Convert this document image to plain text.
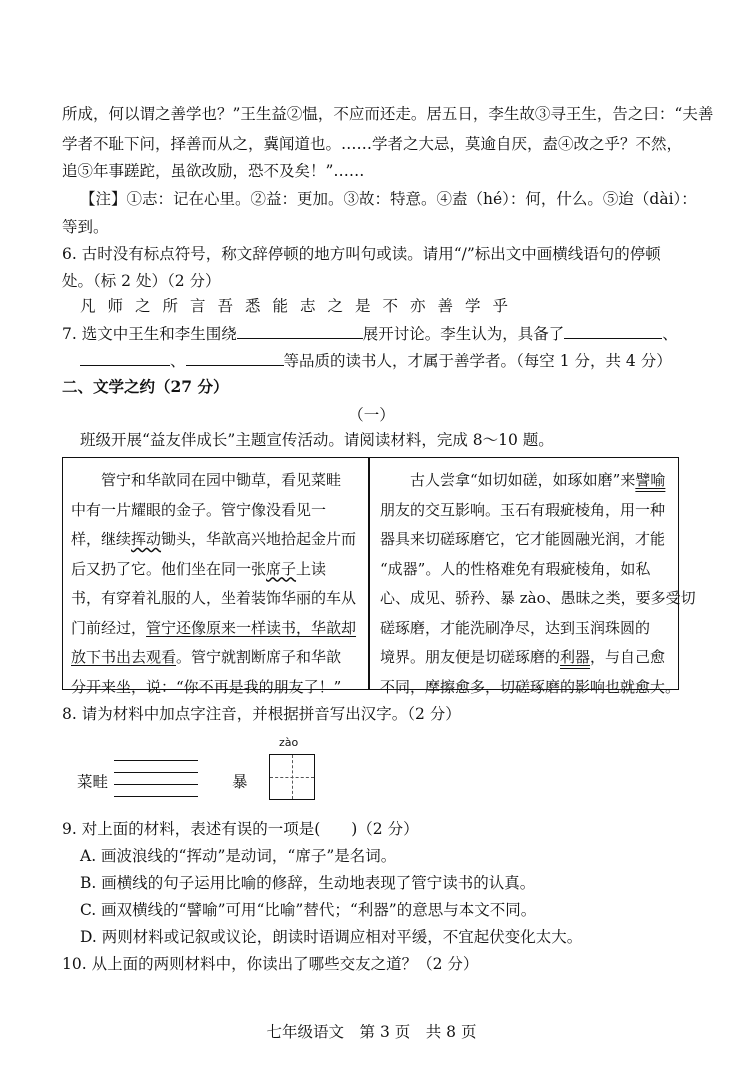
所成，何以谓之善学也？”王生益②愠，不应而还走。居五日，李生故③寻王生，告之曰：“夫善
学者不耻下问，择善而从之，冀闻道也。……学者之大忌，莫逾自厌，盍④改之乎？不然，
追⑤年事蹉跎，虽欲改励，恐不及矣！”……
【注】①志：记在心里。②益：更加。③故：特意。④盍（hé）：何，什么。⑤迨（dài）：
等到。
6. 古时没有标点符号，称文辞停顿的地方叫句或读。请用“/”标出文中画横线语句的停顿
处。（标 2 处）（2 分）
凡师之所言吾悉能志之是不亦善学乎
7. 选文中王生和李生围绕	展开讨论。李生认为，具备了	、
、	等品质的读书人，才属于善学者。（每空 1 分，共 4 分）
二、文学之约（27 分）
（一）
班级开展“益友伴成长”主题宣传活动。请阅读材料，完成 8～10 题。

　　管宁和华歆同在园中锄草，看见菜畦

中有一片耀眼的金子。管宁像没看见一

样，继续挥动锄头，华歆高兴地拾起金片而

后又扔了它。他们坐在同一张席子上读

书，有穿着礼服的人，坐着装饰华丽的车从

门前经过，管宁还像原来一样读书，华歆却

放下书出去观看。管宁就割断席子和华歆

分开来坐，说：“你不再是我的朋友了！”

　　古人尝拿“如切如磋，如琢如磨”来譬喻

朋友的交互影响。玉石有瑕疵棱角，用一种

器具来切磋琢磨它，它才能圆融光润，才能

“成器”。人的性格难免有瑕疵棱角，如私

心、成见、骄矜、暴 zào、愚昧之类，要多受切

磋琢磨，才能洗刷净尽，达到玉润珠圆的

境界。朋友便是切磋琢磨的利器，与自己愈

不同，摩擦愈多，切磋琢磨的影响也就愈大。

8. 请为材料中加点字注音，并根据拼音写出汉字。（2 分）
菜畦	暴
zào
9. 对上面的材料，表述有误的一项是(　　)（2 分）
A. 画波浪线的“挥动”是动词，“席子”是名词。
B. 画横线的句子运用比喻的修辞，生动地表现了管宁读书的认真。
C. 画双横线的“譬喻”可用“比喻”替代；“利器”的意思与本文不同。
D. 两则材料或记叙或议论，朗读时语调应相对平缓，不宜起伏变化太大。
10. 从上面的两则材料中，你读出了哪些交友之道？（2 分）
七年级语文　第 3 页　共 8 页
